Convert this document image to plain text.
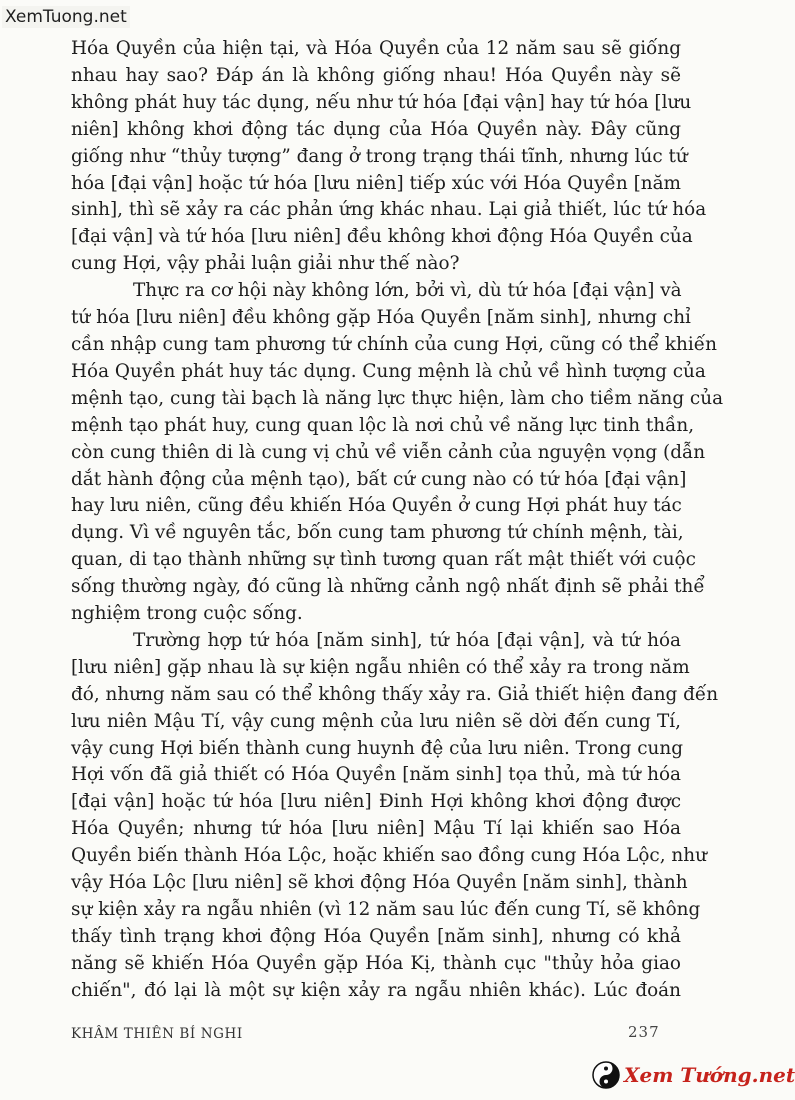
XemTuong.net
Hóa Quyền của hiện tại, và Hóa Quyền của 12 năm sau sẽ giống
nhau hay sao? Đáp án là không giống nhau! Hóa Quyền này sẽ
không phát huy tác dụng, nếu như tứ hóa [đại vận] hay tứ hóa [lưu
niên] không khơi động tác dụng của Hóa Quyền này. Đây cũng
giống như “thủy tượng” đang ở trong trạng thái tĩnh, nhưng lúc tứ
hóa [đại vận] hoặc tứ hóa [lưu niên] tiếp xúc với Hóa Quyền [năm
sinh], thì sẽ xảy ra các phản ứng khác nhau. Lại giả thiết, lúc tứ hóa
[đại vận] và tứ hóa [lưu niên] đều không khơi động Hóa Quyền của
cung Hợi, vậy phải luận giải như thế nào?
Thực ra cơ hội này không lớn, bởi vì, dù tứ hóa [đại vận] và
tứ hóa [lưu niên] đều không gặp Hóa Quyền [năm sinh], nhưng chỉ
cần nhập cung tam phương tứ chính của cung Hợi, cũng có thể khiến
Hóa Quyền phát huy tác dụng. Cung mệnh là chủ về hình tượng của
mệnh tạo, cung tài bạch là năng lực thực hiện, làm cho tiềm năng của
mệnh tạo phát huy, cung quan lộc là nơi chủ về năng lực tinh thần,
còn cung thiên di là cung vị chủ về viễn cảnh của nguyện vọng (dẫn
dắt hành động của mệnh tạo), bất cứ cung nào có tứ hóa [đại vận]
hay lưu niên, cũng đều khiến Hóa Quyền ở cung Hợi phát huy tác
dụng. Vì về nguyên tắc, bốn cung tam phương tứ chính mệnh, tài,
quan, di tạo thành những sự tình tương quan rất mật thiết với cuộc
sống thường ngày, đó cũng là những cảnh ngộ nhất định sẽ phải thể
nghiệm trong cuộc sống.
Trường hợp tứ hóa [năm sinh], tứ hóa [đại vận], và tứ hóa
[lưu niên] gặp nhau là sự kiện ngẫu nhiên có thể xảy ra trong năm
đó, nhưng năm sau có thể không thấy xảy ra. Giả thiết hiện đang đến
lưu niên Mậu Tí, vậy cung mệnh của lưu niên sẽ dời đến cung Tí,
vậy cung Hợi biến thành cung huynh đệ của lưu niên. Trong cung
Hợi vốn đã giả thiết có Hóa Quyền [năm sinh] tọa thủ, mà tứ hóa
[đại vận] hoặc tứ hóa [lưu niên] Đinh Hợi không khơi động được
Hóa Quyền; nhưng tứ hóa [lưu niên] Mậu Tí lại khiến sao Hóa
Quyền biến thành Hóa Lộc, hoặc khiến sao đồng cung Hóa Lộc, như
vậy Hóa Lộc [lưu niên] sẽ khơi động Hóa Quyền [năm sinh], thành
sự kiện xảy ra ngẫu nhiên (vì 12 năm sau lúc đến cung Tí, sẽ không
thấy tình trạng khơi động Hóa Quyền [năm sinh], nhưng có khả
năng sẽ khiến Hóa Quyền gặp Hóa Kị, thành cục "thủy hỏa giao
chiến", đó lại là một sự kiện xảy ra ngẫu nhiên khác). Lúc đoán
KHÂM THIÊN BÍ NGHI	237
Xem Tướng.net
